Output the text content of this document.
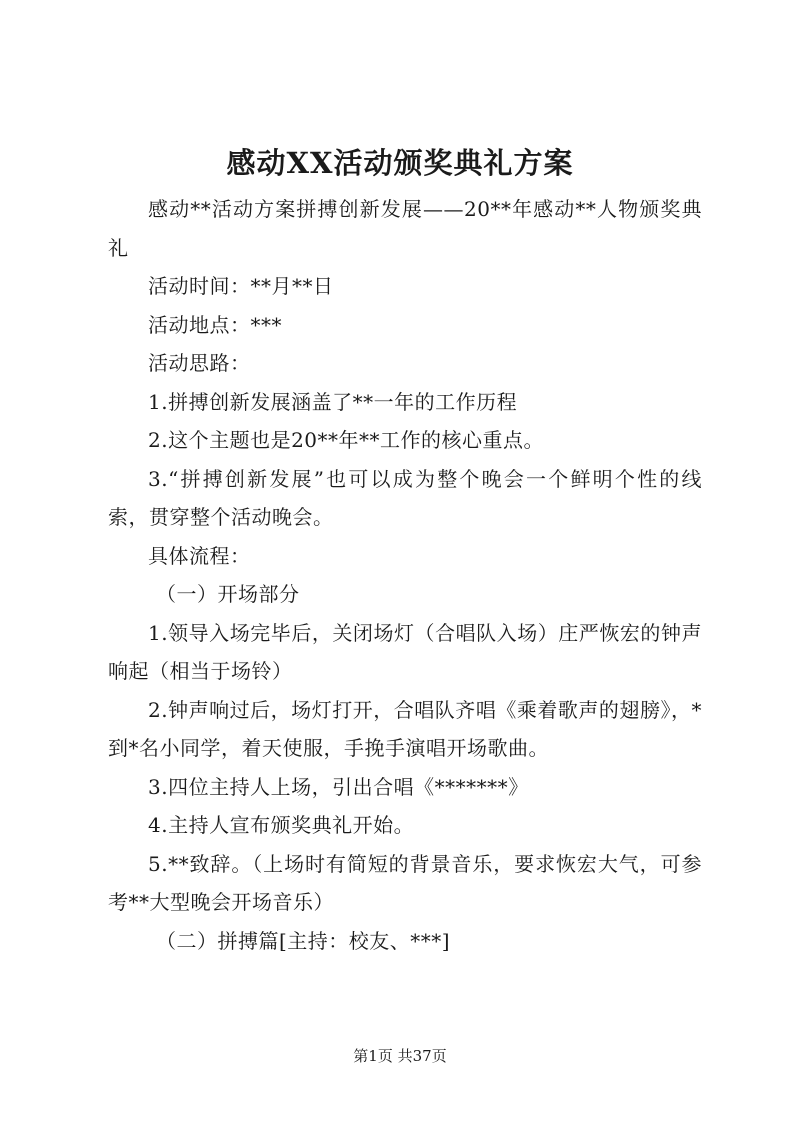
感动XX活动颁奖典礼方案

感动**活动方案拼搏创新发展——20**年感动**人物颁奖典礼

活动时间：**月**日

活动地点：***

活动思路：

1.拼搏创新发展涵盖了**一年的工作历程

2.这个主题也是20**年**工作的核心重点。

3.“拼搏创新发展”也可以成为整个晚会一个鲜明个性的线索，贯穿整个活动晚会。

具体流程：

（一）开场部分

1.领导入场完毕后，关闭场灯（合唱队入场）庄严恢宏的钟声响起（相当于场铃）

2.钟声响过后，场灯打开，合唱队齐唱《乘着歌声的翅膀》，*到*名小同学，着天使服，手挽手演唱开场歌曲。

3.四位主持人上场，引出合唱《*******》

4.主持人宣布颁奖典礼开始。

5.**致辞。（上场时有简短的背景音乐，要求恢宏大气，可参考**大型晚会开场音乐）

（二）拼搏篇[主持：校友、***]

第1页 共37页
